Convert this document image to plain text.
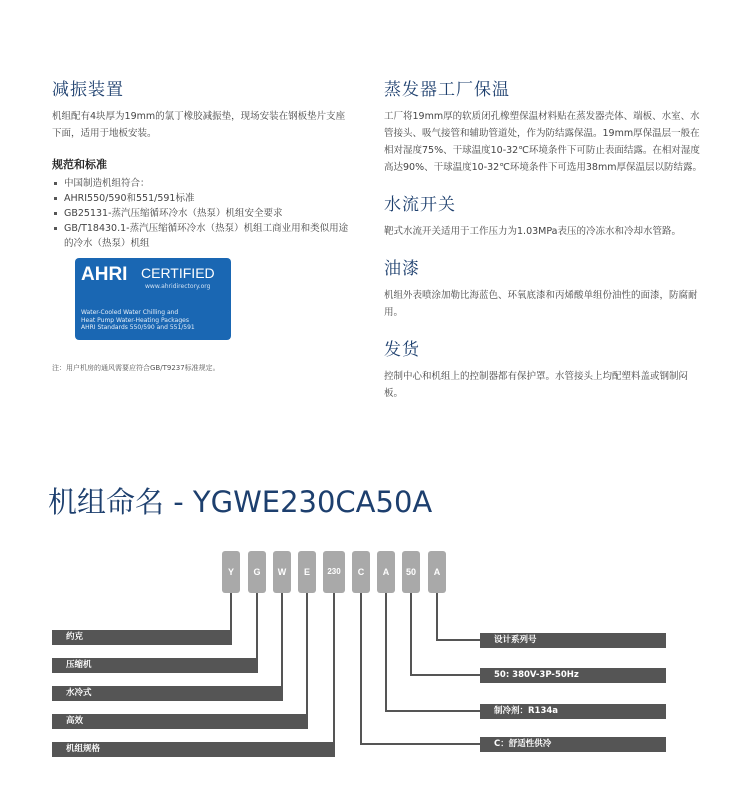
减振装置

机组配有4块厚为19mm的氯丁橡胶减振垫，现场安装在钢板垫片支座下面，适用于地板安装。

规范和标准
中国制造机组符合：
AHRI550/590和551/591标准
GB25131-蒸汽压缩循环冷水（热泵）机组安全要求
GB/T18430.1-蒸汽压缩循环冷水（热泵）机组工商业用和类似用途的冷水（热泵）机组
AHRI CERTIFIED
www.ahridirectory.org
Water-Cooled Water Chilling and
Heat Pump Water-Heating Packages
AHRI Standards 550/590 and 551/591

注：用户机房的通风需要应符合GB/T9237标准规定。

蒸发器工厂保温

工厂将19mm厚的软质闭孔橡塑保温材料贴在蒸发器壳体、端板、水室、水管接头、吸气接管和辅助管道处，作为防结露保温。19mm厚保温层一般在相对湿度75%、干球温度10-32℃环境条件下可防止表面结露。在相对湿度高达90%、干球温度10-32℃环境条件下可选用38mm厚保温层以防结露。

水流开关

靶式水流开关适用于工作压力为1.03MPa表压的冷冻水和冷却水管路。

油漆

机组外表喷涂加勒比海蓝色、环氧底漆和丙烯酸单组份油性的面漆，防腐耐用。

发货

控制中心和机组上的控制器都有保护罩。水管接头上均配塑料盖或钢制闷板。

机组命名 - YGWE230CA50A
Y	G	W	E	230	C	A	50	A
约克
压缩机
水冷式
高效
机组规格
设计系列号
50: 380V-3P-50Hz
制冷剂：R134a
C：舒适性供冷
